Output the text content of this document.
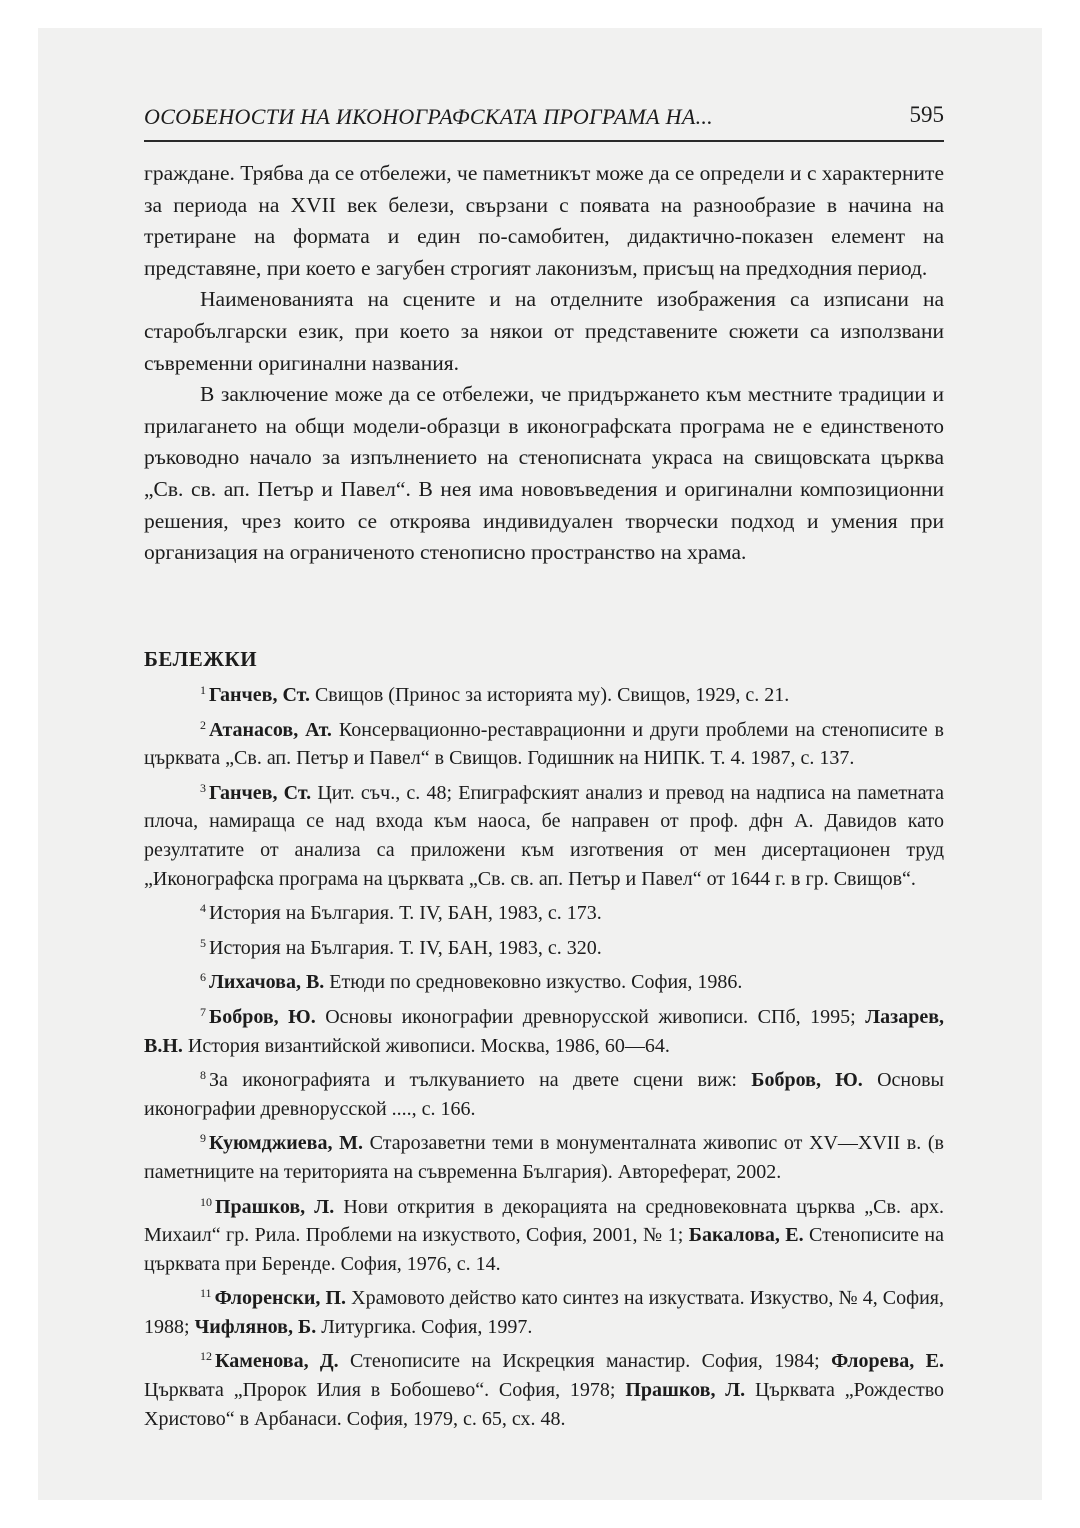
ОСОБЕНОСТИ НА ИКОНОГРАФСКАТА ПРОГРАМА НА...	595

граждане. Трябва да се отбележи, че паметникът може да се определи и с характерните за периода на XVII век белези, свързани с появата на разнообразие в начина на третиране на формата и един по-самобитен, дидактично-показен елемент на представяне, при което е загубен строгият лаконизъм, присъщ на предходния период.

Наименованията на сцените и на отделните изображения са изписани на старобългарски език, при което за някои от представените сюжети са използвани съвременни оригинални названия.

В заключение може да се отбележи, че придържането към местните традиции и прилагането на общи модели-образци в иконографската програма не е единственото ръководно начало за изпълнението на стенописната украса на свищовската църква „Св. св. ап. Петър и Павел“. В нея има нововъведения и оригинални композиционни решения, чрез които се откроява индивидуален творчески подход и умения при организация на ограниченото стенописно пространство на храма.

БЕЛЕЖКИ

$^1$ Ганчев, Ст. Свищов (Принос за историята му). Свищов, 1929, с. 21.

$^2$ Атанасов, Ат. Консервационно-реставрационни и други проблеми на стенописите в църквата „Св. ап. Петър и Павел“ в Свищов. Годишник на НИПК. Т. 4. 1987, с. 137.

$^3$ Ганчев, Ст. Цит. съч., с. 48; Епиграфският анализ и превод на надписа на паметната плоча, намираща се над входа към наоса, бе направен от проф. дфн А. Давидов като резултатите от анализа са приложени към изготвения от мен дисертационен труд „Иконографска програма на църквата „Св. св. ап. Петър и Павел“ от 1644 г. в гр. Свищов“.

$^4$ История на България. Т. IV, БАН, 1983, с. 173.

$^5$ История на България. Т. IV, БАН, 1983, с. 320.

$^6$ Лихачова, В. Етюди по средновековно изкуство. София, 1986.

$^7$ Бобров, Ю. Основы иконографии древнорусской живописи. СПб, 1995; Лазарев, В.Н. История византийской живописи. Москва, 1986, 60—64.

$^8$ За иконографията и тълкуванието на двете сцени виж: Бобров, Ю. Основы иконографии древнорусской ...., с. 166.

$^9$ Куюмджиева, М. Старозаветни теми в монументалната живопис от XV—XVII в. (в паметниците на територията на съвременна България). Автореферат, 2002.

$^{10}$ Прашков, Л. Нови открития в декорацията на средновековната църква „Св. арх. Михаил“ гр. Рила. Проблеми на изкуството, София, 2001, № 1; Бакалова, Е. Стенописите на църквата при Беренде. София, 1976, с. 14.

$^{11}$ Флоренски, П. Храмовото действо като синтез на изкуствата. Изкуство, № 4, София, 1988; Чифлянов, Б. Литургика. София, 1997.

$^{12}$ Каменова, Д. Стенописите на Искрецкия манастир. София, 1984; Флорева, Е. Църквата „Пророк Илия в Бобошево“. София, 1978; Прашков, Л. Църквата „Рождество Христово“ в Арбанаси. София, 1979, с. 65, сх. 48.
